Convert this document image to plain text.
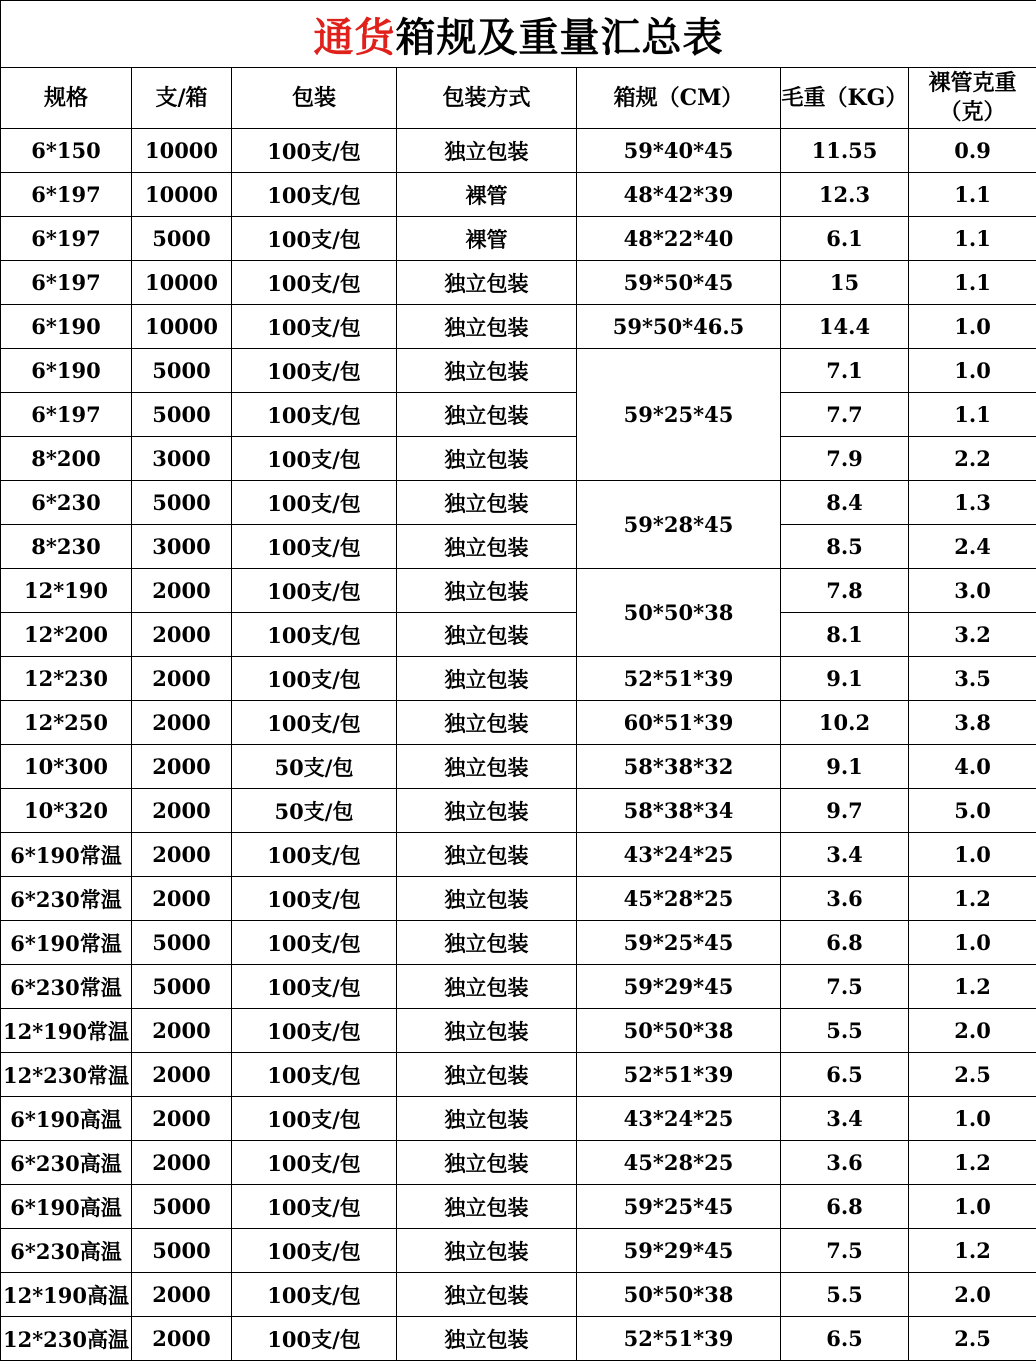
通货箱规及重量汇总表						
规格	支/箱	包装	包装方式	箱规（CM）	毛重（KG）	裸管克重
（克）
6*150	10000	100支/包	独立包装	59*40*45	11.55	0.9
6*197	10000	100支/包	裸管	48*42*39	12.3	1.1
6*197	5000	100支/包	裸管	48*22*40	6.1	1.1
6*197	10000	100支/包	独立包装	59*50*45	15	1.1
6*190	10000	100支/包	独立包装	59*50*46.5	14.4	1.0
6*190	5000	100支/包	独立包装	59*25*45	7.1	1.0
6*197	5000	100支/包	独立包装		7.7	1.1
8*200	3000	100支/包	独立包装		7.9	2.2
6*230	5000	100支/包	独立包装	59*28*45	8.4	1.3
8*230	3000	100支/包	独立包装		8.5	2.4
12*190	2000	100支/包	独立包装	50*50*38	7.8	3.0
12*200	2000	100支/包	独立包装		8.1	3.2
12*230	2000	100支/包	独立包装	52*51*39	9.1	3.5
12*250	2000	100支/包	独立包装	60*51*39	10.2	3.8
10*300	2000	50支/包	独立包装	58*38*32	9.1	4.0
10*320	2000	50支/包	独立包装	58*38*34	9.7	5.0
6*190常温	2000	100支/包	独立包装	43*24*25	3.4	1.0
6*230常温	2000	100支/包	独立包装	45*28*25	3.6	1.2
6*190常温	5000	100支/包	独立包装	59*25*45	6.8	1.0
6*230常温	5000	100支/包	独立包装	59*29*45	7.5	1.2
12*190常温	2000	100支/包	独立包装	50*50*38	5.5	2.0
12*230常温	2000	100支/包	独立包装	52*51*39	6.5	2.5
6*190高温	2000	100支/包	独立包装	43*24*25	3.4	1.0
6*230高温	2000	100支/包	独立包装	45*28*25	3.6	1.2
6*190高温	5000	100支/包	独立包装	59*25*45	6.8	1.0
6*230高温	5000	100支/包	独立包装	59*29*45	7.5	1.2
12*190高温	2000	100支/包	独立包装	50*50*38	5.5	2.0
12*230高温	2000	100支/包	独立包装	52*51*39	6.5	2.5
